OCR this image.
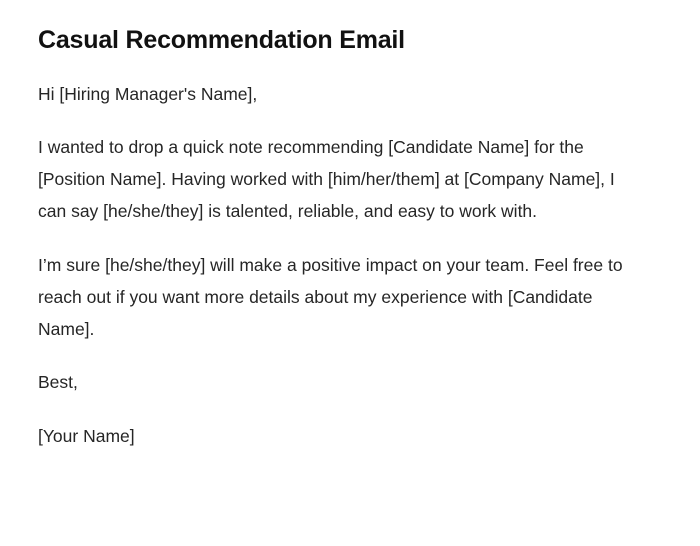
Casual Recommendation Email

Hi [Hiring Manager's Name],

I wanted to drop a quick note recommending [Candidate Name] for the [Position Name]. Having worked with [him/her/them] at [Company Name], I can say [he/she/they] is talented, reliable, and easy to work with.

I’m sure [he/she/they] will make a positive impact on your team. Feel free to reach out if you want more details about my experience with [Candidate Name].

Best,

[Your Name]
